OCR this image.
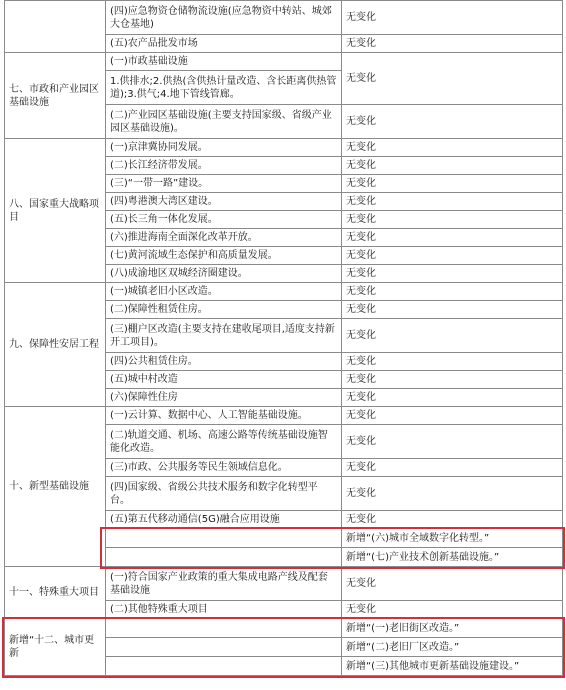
	(四)应急物资仓储物流设施(应急物资中转站、城郊大仓基地)	无变化
	(五)农产品批发市场	无变化
七、市政和产业园区基础设施	(一)市政基础设施	无变化
	1.供排水;2.供热(含供热计量改造、含长距离供热管道);3.供气;4.地下管线管廊。	
	(二)产业园区基础设施(主要支持国家级、省级产业园区基础设施)。	无变化
八、国家重大战略项目	(一)京津冀协同发展。	无变化
	(二)长江经济带发展。	无变化
	(三)“一带一路”建设。	无变化
	(四)粤港澳大湾区建设。	无变化
	(五)长三角一体化发展。	无变化
	(六)推进海南全面深化改革开放。	无变化
	(七)黄河流域生态保护和高质量发展。	无变化
	(八)成渝地区双城经济圈建设。	无变化
九、保障性安居工程	(一)城镇老旧小区改造。	无变化
	(二)保障性租赁住房。	无变化
	(三)棚户区改造(主要支持在建收尾项目,适度支持新开工项目)。	无变化
	(四)公共租赁住房。	无变化
	(五)城中村改造	无变化
	(六)保障性住房	无变化
十、新型基础设施	(一)云计算、数据中心、人工智能基础设施。	无变化
	(二)轨道交通、机场、高速公路等传统基础设施智能化改造。	无变化
	(三)市政、公共服务等民生领域信息化。	无变化
	(四)国家级、省级公共技术服务和数字化转型平台。	无变化
	(五)第五代移动通信(5G)融合应用设施	无变化
		新增“(六)城市全域数字化转型。”
		新增“(七)产业技术创新基础设施。”
十一、特殊重大项目	(一)符合国家产业政策的重大集成电路产线及配套基础设施	无变化
	(二)其他特殊重大项目	无变化
新增“十二、城市更新		新增“(一)老旧街区改造。”
		新增“(二)老旧厂区改造。”
		新增“(三)其他城市更新基础设施建设。”
